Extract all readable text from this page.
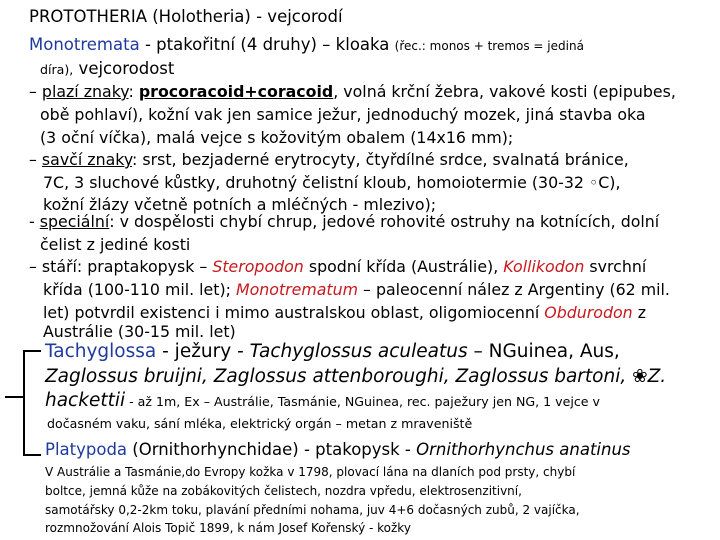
PROTOTHERIA (Holotheria) - vejcorodí
Monotremata - ptakořitní (4 druhy) – kloaka (řec.: monos + tremos = jediná
díra), vejcorodost
– plazí znaky: procoracoid+coracoid, volná krční žebra, vakové kosti (epipubes,
obě pohlaví), kožní vak jen samice ježur, jednoduchý mozek, jiná stavba oka
(3 oční víčka), malá vejce s kožovitým obalem (14x16 mm);
– savčí znaky: srst, bezjaderné erytrocyty, čtyřdílné srdce, svalnatá bránice,
7C, 3 sluchové kůstky, druhotný čelistní kloub, homoiotermie (30-32 ◦C),
kožní žlázy včetně potních a mléčných - mlezivo);
- speciální: v dospělosti chybí chrup, jedové rohovité ostruhy na kotnících, dolní
čelist z jediné kosti
– stáří: praptakopysk – Steropodon spodní křída (Austrálie), Kollikodon svrchní
křída (100-110 mil. let); Monotrematum – paleocenní nález z Argentiny (62 mil.
let) potvrdil existenci i mimo australskou oblast, oligomiocenní Obdurodon z
Austrálie (30-15 mil. let)
Tachyglossa - ježury - Tachyglossus aculeatus – NGuinea, Aus,
Zaglossus bruijni, Zaglossus attenboroughi, Zaglossus bartoni, ❀Z.
hackettii - až 1m, Ex – Austrálie, Tasmánie, NGuinea, rec. paježury jen NG, 1 vejce v
dočasném vaku, sání mléka, elektrický orgán – metan z mraveniště
Platypoda (Ornithorhynchidae) - ptakopysk - Ornithorhynchus anatinus
V Austrálie a Tasmánie,do Evropy kožka v 1798, plovací lána na dlaních pod prsty, chybí
boltce, jemná kůže na zobákovitých čelistech, nozdra vpředu, elektrosenzitivní,
samotářsky 0,2-2km toku, plavání předními nohama, juv 4+6 dočasných zubů, 2 vajíčka,
rozmnožování Alois Topič 1899, k nám Josef Kořenský - kožky
